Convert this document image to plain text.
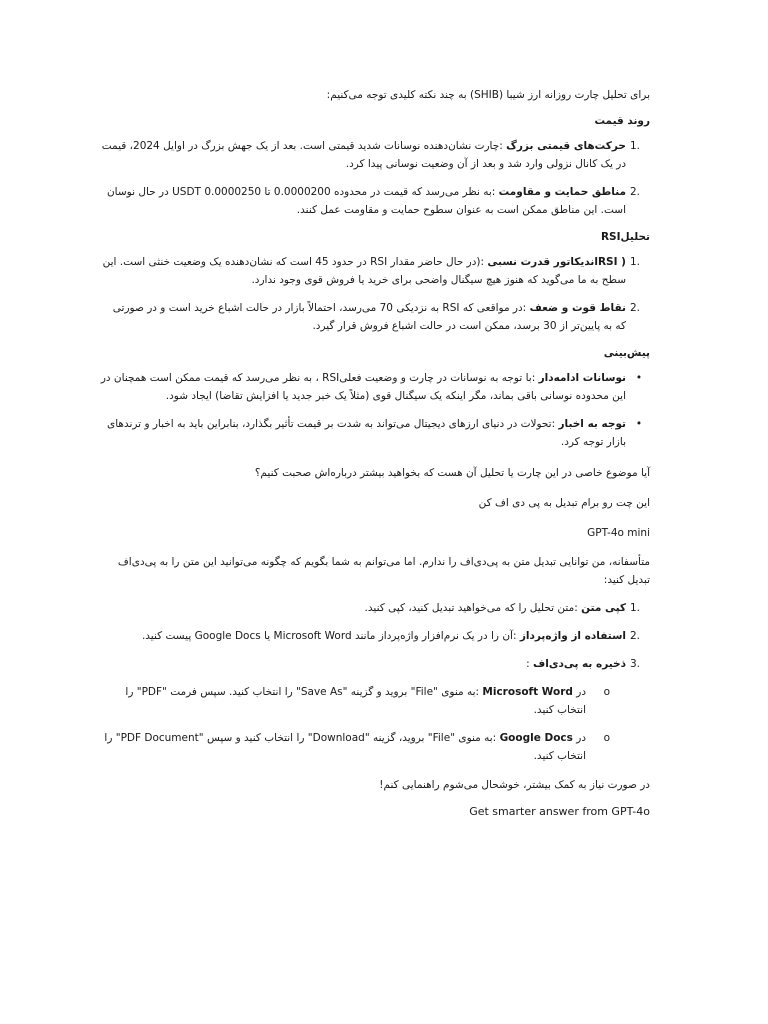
برای تحلیل چارت روزانه ارز شیبا (SHIB) به چند نکته کلیدی توجه می‌کنیم:

روند قیمت

1.
حرکت‌های قیمتی بزرگ :چارت نشان‌دهنده نوسانات شدید قیمتی است. بعد از یک جهش بزرگ در اوایل 2024، قیمت در یک کانال نزولی وارد شد و بعد از آن وضعیت نوسانی پیدا کرد.
2.
مناطق حمایت و مقاومت :به نظر می‌رسد که قیمت در محدوده 0.0000200 تا 0.0000250 USDT در حال نوسان است. این مناطق ممکن است به عنوان سطوح حمایت و مقاومت عمل کنند.

تحلیلRSI

1.
( RSIاندیکاتور قدرت نسبی :(در حال حاضر مقدار RSI در حدود 45 است که نشان‌دهنده یک وضعیت خنثی است. این سطح به ما می‌گوید که هنوز هیچ سیگنال واضحی برای خرید یا فروش قوی وجود ندارد.
2.
نقاط قوت و ضعف :در مواقعی که RSI به نزدیکی 70 می‌رسد، احتمالاً بازار در حالت اشباع خرید است و در صورتی که به پایین‌تر از 30 برسد، ممکن است در حالت اشباع فروش قرار گیرد.

پیش‌بینی

•
نوسانات ادامه‌دار :با توجه به نوسانات در چارت و وضعیت فعلیRSI ، به نظر می‌رسد که قیمت ممکن است همچنان در این محدوده نوسانی باقی بماند، مگر اینکه یک سیگنال قوی (مثلاً یک خبر جدید یا افزایش تقاضا) ایجاد شود.
•
توجه به اخبار :تحولات در دنیای ارزهای دیجیتال می‌تواند به شدت بر قیمت تأثیر بگذارد، بنابراین باید به اخبار و ترندهای بازار توجه کرد.

آیا موضوع خاصی در این چارت یا تحلیل آن هست که بخواهید بیشتر درباره‌اش صحبت کنیم؟

این چت رو برام تبدیل به پی دی اف کن

GPT-4o mini

متأسفانه، من توانایی تبدیل متن به پی‌دی‌اف را ندارم. اما می‌توانم به شما بگویم که چگونه می‌توانید این متن را به پی‌دی‌اف تبدیل کنید:

1.
کپی متن :متن تحلیل را که می‌خواهید تبدیل کنید، کپی کنید.
2.
استفاده از واژه‌پرداز :آن را در یک نرم‌افزار واژه‌پرداز مانند Microsoft Word یا Google Docs پیست کنید.
3.
ذخیره به پی‌دی‌اف :
o
در Microsoft Word :به منوی "File" بروید و گزینه "Save As" را انتخاب کنید. سپس فرمت "PDF" را انتخاب کنید.
o
در Google Docs :به منوی "File" بروید، گزینه "Download" را انتخاب کنید و سپس "PDF Document" را انتخاب کنید.

در صورت نیاز به کمک بیشتر، خوشحال می‌شوم راهنمایی کنم!

Get smarter answer from GPT-4o
